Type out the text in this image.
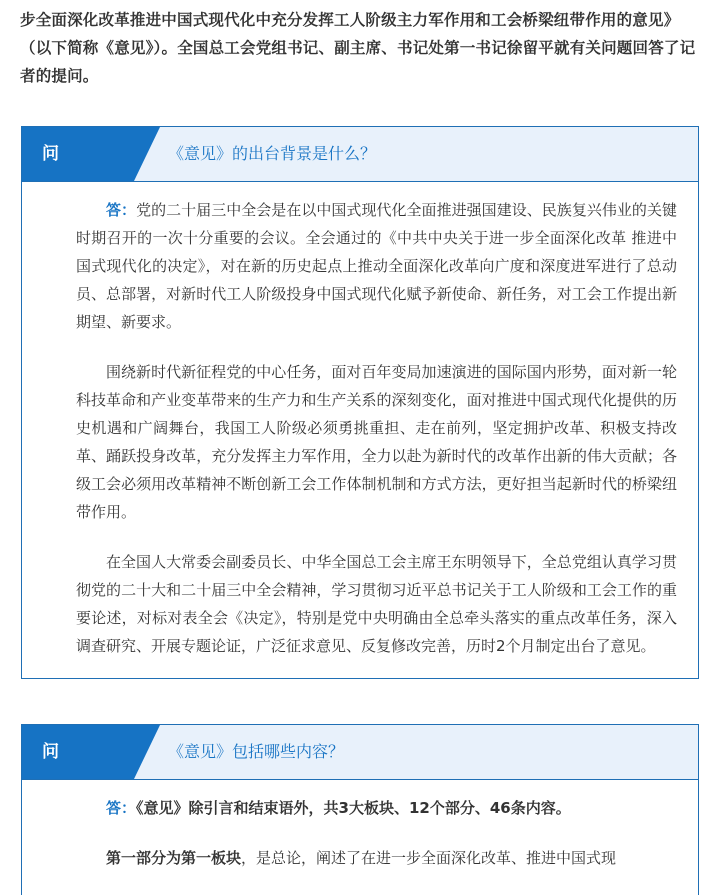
步全面深化改革推进中国式现代化中充分发挥工人阶级主力军作用和工会桥梁纽带作用的意见》（以下简称《意见》）。全国总工会党组书记、副主席、书记处第一书记徐留平就有关问题回答了记者的提问。
问	《意见》的出台背景是什么？

答：党的二十届三中全会是在以中国式现代化全面推进强国建设、民族复兴伟业的关键时期召开的一次十分重要的会议。全会通过的《中共中央关于进一步全面深化改革 推进中国式现代化的决定》，对在新的历史起点上推动全面深化改革向广度和深度进军进行了总动员、总部署，对新时代工人阶级投身中国式现代化赋予新使命、新任务，对工会工作提出新期望、新要求。

围绕新时代新征程党的中心任务，面对百年变局加速演进的国际国内形势，面对新一轮科技革命和产业变革带来的生产力和生产关系的深刻变化，面对推进中国式现代化提供的历史机遇和广阔舞台，我国工人阶级必须勇挑重担、走在前列，坚定拥护改革、积极支持改革、踊跃投身改革，充分发挥主力军作用，全力以赴为新时代的改革作出新的伟大贡献；各级工会必须用改革精神不断创新工会工作体制机制和方式方法，更好担当起新时代的桥梁纽带作用。

在全国人大常委会副委员长、中华全国总工会主席王东明领导下，全总党组认真学习贯彻党的二十大和二十届三中全会精神，学习贯彻习近平总书记关于工人阶级和工会工作的重要论述，对标对表全会《决定》，特别是党中央明确由全总牵头落实的重点改革任务，深入调查研究、开展专题论证，广泛征求意见、反复修改完善，历时2个月制定出台了意见。

问	《意见》包括哪些内容？

答：《意见》除引言和结束语外，共3大板块、12个部分、46条内容。

第一部分为第一板块，是总论，阐述了在进一步全面深化改革、推进中国式现
